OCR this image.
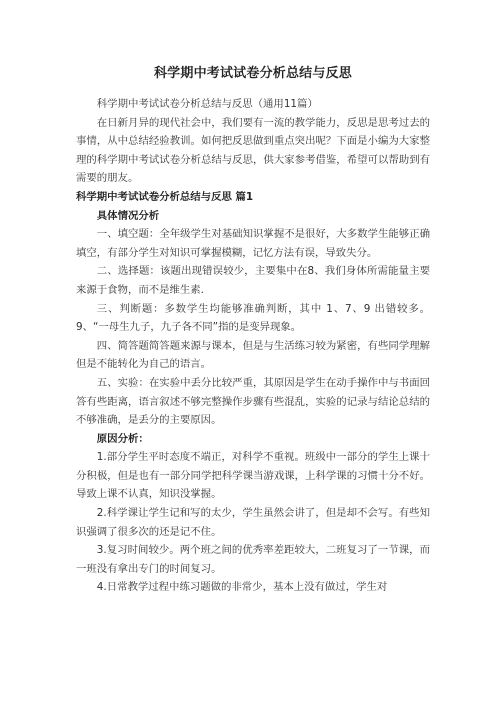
科学期中考试试卷分析总结与反思

科学期中考试试卷分析总结与反思（通用11篇）

在日新月异的现代社会中，我们要有一流的教学能力，反思是思考过去的事情，从中总结经验教训。如何把反思做到重点突出呢？下面是小编为大家整理的科学期中考试试卷分析总结与反思，供大家参考借鉴，希望可以帮助到有需要的朋友。

科学期中考试试卷分析总结与反思 篇1

具体情况分析

一、填空题：全年级学生对基础知识掌握不是很好，大多数学生能够正确填空，有部分学生对知识可掌握模糊，记忆方法有误，导致失分。

二、选择题：该题出现错误较少，主要集中在8、我们身体所需能量主要来源于食物，而不是维生素.

三、判断题：多数学生均能够准确判断，其中 1、7、9 出错较多。9、“一母生九子，九子各不同”指的是变异现象。

四、简答题简答题来源与课本，但是与生活练习较为紧密，有些同学理解但是不能转化为自己的语言。

五、实验：在实验中丢分比较严重，其原因是学生在动手操作中与书面回答有些距离，语言叙述不够完整操作步骤有些混乱，实验的记录与结论总结的不够准确，是丢分的主要原因。

原因分析：

1.部分学生平时态度不端正，对科学不重视。班级中一部分的学生上课十分积极，但是也有一部分同学把科学课当游戏课，上科学课的习惯十分不好。导致上课不认真，知识没掌握。

2.科学课让学生记和写的太少，学生虽然会讲了，但是却不会写。有些知识强调了很多次的还是记不住。

3.复习时间较少。两个班之间的优秀率差距较大，二班复习了一节课，而一班没有拿出专门的时间复习。

4.日常教学过程中练习题做的非常少，基本上没有做过，学生对
